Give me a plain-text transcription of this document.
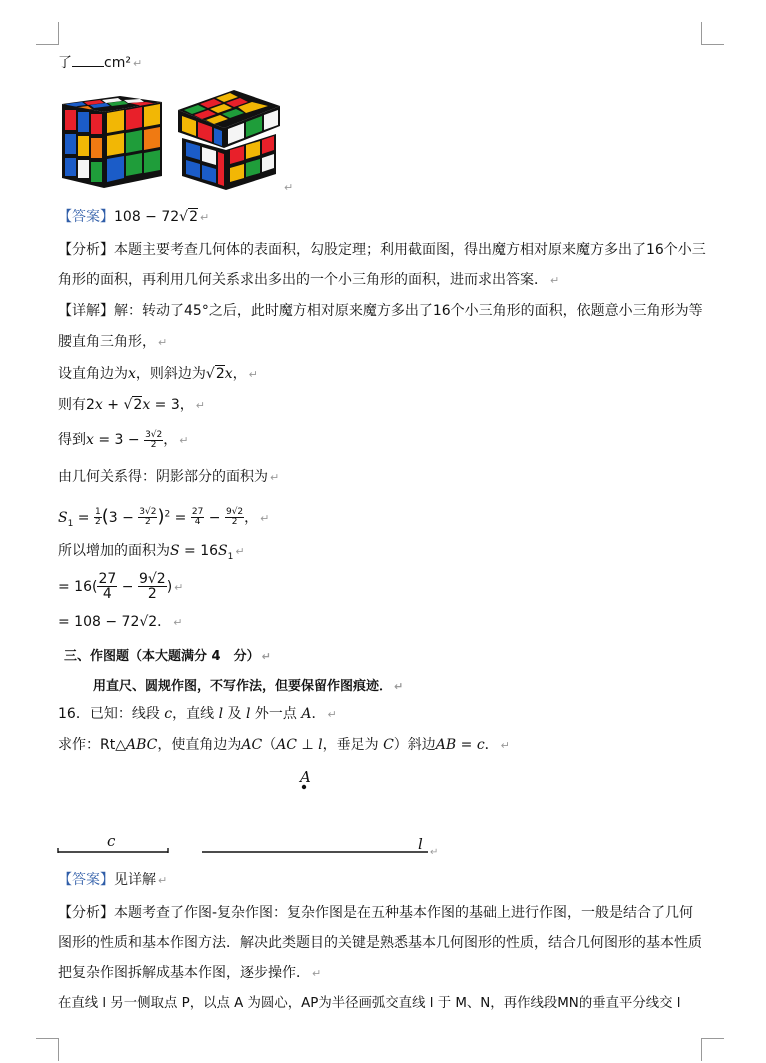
了 cm² ↵
↵
【答案】108 − 72√2 ↵
【分析】本题主要考查几何体的表面积，勾股定理；利用截面图，得出魔方相对原来魔方多出了16个小三
角形的面积，再利用几何关系求出多出的一个小三角形的面积，进而求出答案． ↵
【详解】解：转动了45°之后，此时魔方相对原来魔方多出了16个小三角形的面积，依题意小三角形为等
腰直角三角形， ↵
设直角边为x，则斜边为√2x， ↵
则有2x + √2x = 3， ↵
得到$x = 3 - \frac{3√2}{2}$ ， ↵
由几何关系得：阴影部分的面积为 ↵
$S_1 = \frac{1}{2} (3 - \frac{3√2}{2} )^2 = \frac{27}{4} - \frac{9√2}{2}$ ， ↵
所以增加的面积为$S = 16S_1$ ↵
= $16( \frac{27}{4} - \frac{9√2}{2}$ ) ↵
= 108 − 72√2． ↵
三、作图题（本大题满分 4　分） ↵
用直尺、圆规作图，不写作法，但要保留作图痕迹． ↵
16．已知：线段 c，直线 l 及 l 外一点 A． ↵
求作：Rt△ABC，使直角边为AC（AC ⊥ l，垂足为 C）斜边AB = c． ↵
A
c	l ↵
【答案】见详解 ↵
【分析】本题考查了作图-复杂作图：复杂作图是在五种基本作图的基础上进行作图，一般是结合了几何
图形的性质和基本作图方法．解决此类题目的关键是熟悉基本几何图形的性质，结合几何图形的基本性质
把复杂作图拆解成基本作图，逐步操作． ↵
在直线 l 另一侧取点 P，以点 A 为圆心，AP为半径画弧交直线 l 于 M、N，再作线段MN的垂直平分线交 l
